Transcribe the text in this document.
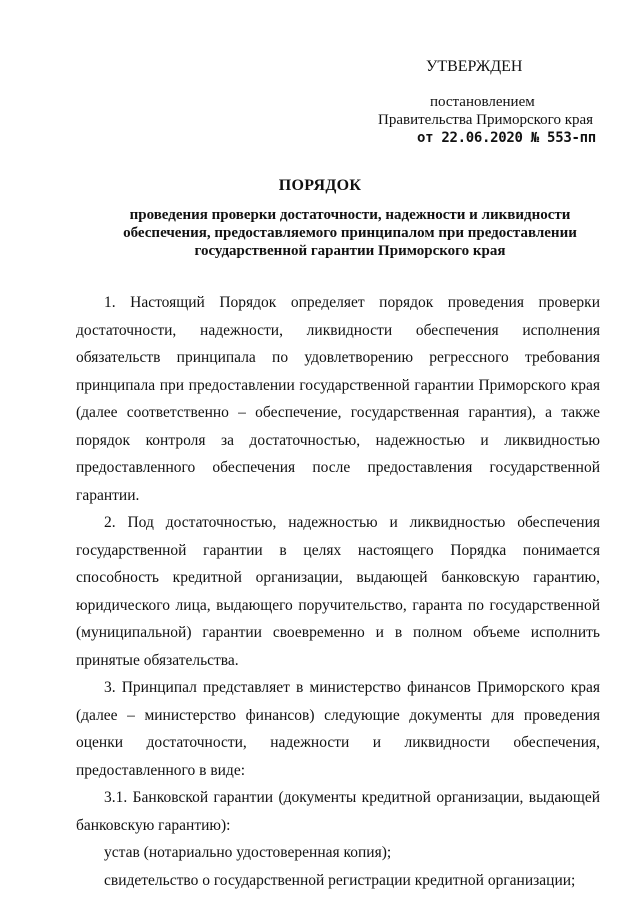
УТВЕРЖДЕН
постановлением
Правительства Приморского края
от 22.06.2020 № 553-пп
ПОРЯДОК
проведения проверки достаточности, надежности и ликвидности
обеспечения, предоставляемого принципалом при предоставлении
государственной гарантии Приморского края

1. Настоящий Порядок определяет порядок проведения проверки достаточности, надежности, ликвидности обеспечения исполнения обязательств принципала по удовлетворению регрессного требования принципала при предоставлении государственной гарантии Приморского края (далее соответственно – обеспечение, государственная гарантия), а также порядок контроля за достаточностью, надежностью и ликвидностью предоставленного обеспечения после предоставления государственной гарантии.

2. Под достаточностью, надежностью и ликвидностью обеспечения государственной гарантии в целях настоящего Порядка понимается способность кредитной организации, выдающей банковскую гарантию, юридического лица, выдающего поручительство, гаранта по государственной (муниципальной) гарантии своевременно и в полном объеме исполнить принятые обязательства.

3. Принципал представляет в министерство финансов Приморского края (далее – министерство финансов) следующие документы для проведения оценки достаточности, надежности и ликвидности обеспечения, предоставленного в виде:

3.1. Банковской гарантии (документы кредитной организации, выдающей банковскую гарантию):

устав (нотариально удостоверенная копия);

свидетельство о государственной регистрации кредитной организации;
